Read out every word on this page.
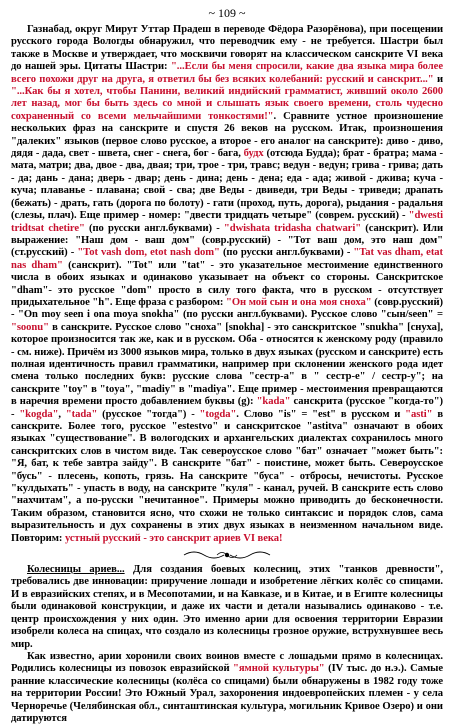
~ 109 ~

Газнабад, округ Мирут Уттар Прадеш в переводе Фёдора Разорёнова), при посещении русского города Вологды обнаружил, что переводчик ему - не требуется. Шастри был также в Москве и утверждает, что москвичи говорят на классическом санскрите VI века до нашей эры. Цитаты Шастри: "...Если бы меня спросили, какие два языка мира более всего похожи друг на друга, я ответил бы без всяких колебаний: русский и санскрит..." и "...Как бы я хотел, чтобы Панини, великий индийский грамматист, живший около 2600 лет назад, мог бы быть здесь со мной и слышать язык своего времени, столь чудесно сохраненный со всеми мельчайшими тонкостями!". Сравните устное произношение нескольких фраз на санскрите и спустя 26 веков на русском. Итак, произношения "далеких" языков (первое слово русское, а второе - его аналог на санскрите): диво - диво, дядя - дада, свет - швета, снег - снега, бог - бага, будх (отсюда Будда); брат - братра; мама - мата, матри; два, двое - два, двая; три, трое - три, травс; ведун - ведун; грива - грива; дать - да; дань - дана; дверь - двар; день - дина; день - дена; еда - ада; живой - джива; куча - куча; плаванье - плавана; свой - сва; две Веды - двиведи, три Веды - триведи; драпать (бежать) - драть, гать (дорога по болоту) - гати (проход, путь, дорога), рыдания - радальня (слезы, плач). Еще пример - номер: "двести тридцать четыре" (соврем. русский) - "dwesti tridtsat chetire" (по русски англ.буквами) - "dwishata tridasha chatwari" (санскрит). Или выражение: "Наш дом - ваш дом" (совр.русский) - "Тот ваш дом, это наш дом" (ст.русский) - "Tot vash dom, etot nash dom" (по русски англ.буквами) - "Tat vas dham, etat nas dham" (санскрит). "Tot" или "tat" - это указательное местоимение единственного числа в обоих языках и одинаково указывает на объект со стороны. Санскритское "dham"- это русское "dom" просто в силу того факта, что в русском - отсутствует придыхательное "h". Еще фраза с разбором: "Он мой сын и она моя сноха" (совр.русский) - "On moy seen i ona moya snokha" (по русски англ.буквами). Русское слово "сын/seen" = "soonu" в санскрите. Русское слово "сноха" [snokha] - это санскритское "snukha" [снуха], которое произносится так же, как и в русском. Оба - относятся к женскому роду (правило - см. ниже). Причём из 3000 языков мира, только в двух языках (русском и санскрите) есть полная идентичность правил грамматики, например при склонении женского рода идет смена только последних букв: русские слова "сестр-а" в " сестр-е" / сестр-у"; на санскрите "toy" в "toya", "madiy" в "madiya". Еще пример - местоимения превращаются в наречия времени просто добавлением буквы (g): "kada" санскрита (русское "когда-то") - "kogda", "tada" (русское "тогда") - "togda". Слово "is" = "est" в русском и "asti" в санскрите. Более того, русское "estestvo" и санскритское "astitva" означают в обоих языках "существование". В вологодских и архангельских диалектах сохранилось много санскритских слов в чистом виде. Так североусское слово "бат" означает "может быть": "Я, бат, к тебе завтра зайду". В санскрите "бат" - поистине, может быть. Североусское "бусь" - плесень, копоть, грязь. На санскрите "буса" - отбросы, нечистоты. Русское "кулдыхать" - упасть в воду, на санскрите "куля" - канал, ручей. В санскрите есть слово "нахчитам", а по-русски "нечитанное". Примеры можно приводить до бесконечности. Таким образом, становится ясно, что схожи не только синтаксис и порядок слов, сама выразительность и дух сохранены в этих двух языках в неизменном начальном виде. Повторим: устный русский - это санскрит ариев VI века!

Колесницы ариев... Для создания боевых колесниц, этих "танков древности", требовались две инновации: приручение лошади и изобретение лёгких колёс со спицами. И в евразийских степях, и в Месопотамии, и на Кавказе, и в Китае, и в Египте колесницы были одинаковой конструкции, и даже их части и детали назывались одинаково - т.е. центр происхождения у них один. Это именно арии для освоения территории Евразии изобрели колеса на спицах, что создало из колесницы грозное оружие, вструхнувшее весь мир.

Как известно, арии хоронили своих воинов вместе с лошадьми прямо в колесницах. Родились колесницы из повозок евразийской "ямной культуры" (IV тыс. до н.э.). Самые ранние классические колесницы (колёса со спицами) были обнаружены в 1982 году тоже на территории России! Это Южный Урал, захоронения индоевропейских племен - у села Черноречье (Челябинская обл., синташтинская культура, могильник Кривое Озеро) и они датируются
